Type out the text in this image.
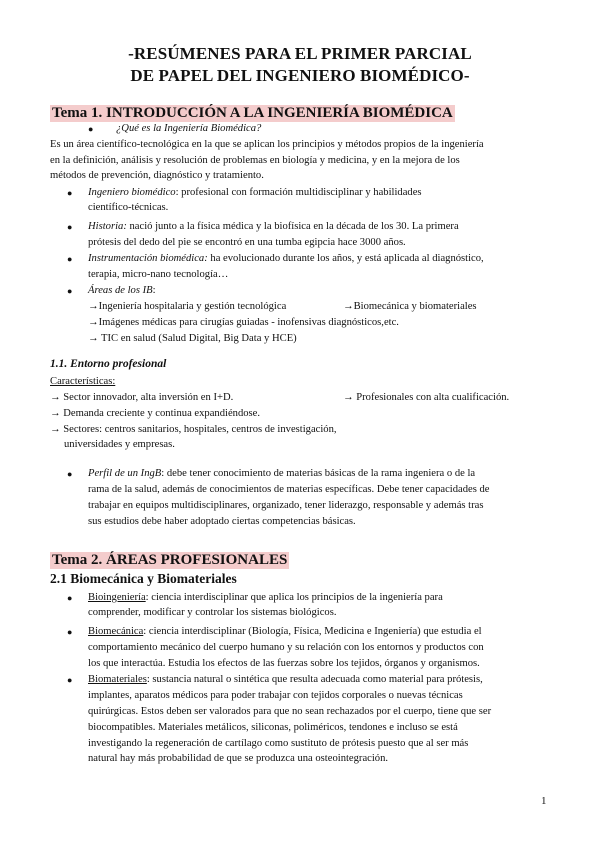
-RESÚMENES PARA EL PRIMER PARCIAL
DE PAPEL DEL INGENIERO BIOMÉDICO-
Tema 1. INTRODUCCIÓN A LA INGENIERÍA BIOMÉDICA
● ¿Qué es la Ingeniería Biomédica?
Es un área científico-tecnológica en la que se aplican los principios y métodos propios de la ingeniería
en la definición, análisis y resolución de problemas en biología y medicina, y en la mejora de los
métodos de prevención, diagnóstico y tratamiento.
● Ingeniero biomédico: profesional con formación multidisciplinar y habilidades
científico-técnicas.
● Historia: nació junto a la física médica y la biofísica en la década de los 30. La primera
prótesis del dedo del pie se encontró en una tumba egipcia hace 3000 años.
● Instrumentación biomédica: ha evolucionado durante los años, y está aplicada al diagnóstico,
terapia, micro-nano tecnología…
● Áreas de los IB:
→Ingeniería hospitalaria y gestión tecnológica	→Biomecánica y biomateriales
→Imágenes médicas para cirugías guiadas - inofensivas diagnósticos,etc.
→ TIC en salud (Salud Digital, Big Data y HCE)
1.1. Entorno profesional
Características:
→ Sector innovador, alta inversión en I+D.	→ Profesionales con alta cualificación.
→ Demanda creciente y continua expandiéndose.
→ Sectores: centros sanitarios, hospitales, centros de investigación,
universidades y empresas.
● Perfil de un IngB: debe tener conocimiento de materias básicas de la rama ingeniera o de la
rama de la salud, además de conocimientos de materias específicas. Debe tener capacidades de
trabajar en equipos multidisciplinares, organizado, tener liderazgo, responsable y además tras
sus estudios debe haber adoptado ciertas competencias básicas.
Tema 2. ÁREAS PROFESIONALES
2.1 Biomecánica y Biomateriales
● Bioingeniería: ciencia interdisciplinar que aplica los principios de la ingeniería para
comprender, modificar y controlar los sistemas biológicos.
● Biomecánica: ciencia interdisciplinar (Biología, Física, Medicina e Ingeniería) que estudia el
comportamiento mecánico del cuerpo humano y su relación con los entornos y productos con
los que interactúa. Estudia los efectos de las fuerzas sobre los tejidos, órganos y organismos.
● Biomateriales: sustancia natural o sintética que resulta adecuada como material para prótesis,
implantes, aparatos médicos para poder trabajar con tejidos corporales o nuevas técnicas
quirúrgicas. Estos deben ser valorados para que no sean rechazados por el cuerpo, tiene que ser
biocompatibles. Materiales metálicos, siliconas, poliméricos, tendones e incluso se está
investigando la regeneración de cartílago como sustituto de prótesis puesto que al ser más
natural hay más probabilidad de que se produzca una osteointegración.
1
